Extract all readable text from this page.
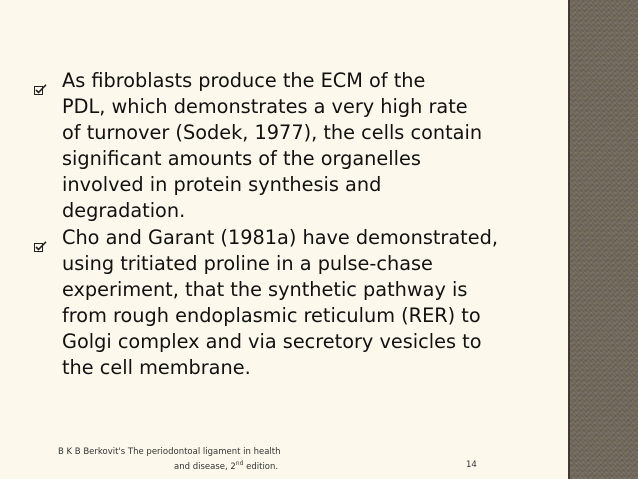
As fibroblasts produce the ECM of the
PDL, which demonstrates a very high rate
of turnover (Sodek, 1977), the cells contain
significant amounts of the organelles
involved in protein synthesis and
degradation.
Cho and Garant (1981a) have demonstrated,
using tritiated proline in a pulse-chase
experiment, that the synthetic pathway is
from rough endoplasmic reticulum (RER) to
Golgi complex and via secretory vesicles to
the cell membrane.
B K B Berkovit's The periodontoal ligament in health
and disease, 2nd edition.	14
